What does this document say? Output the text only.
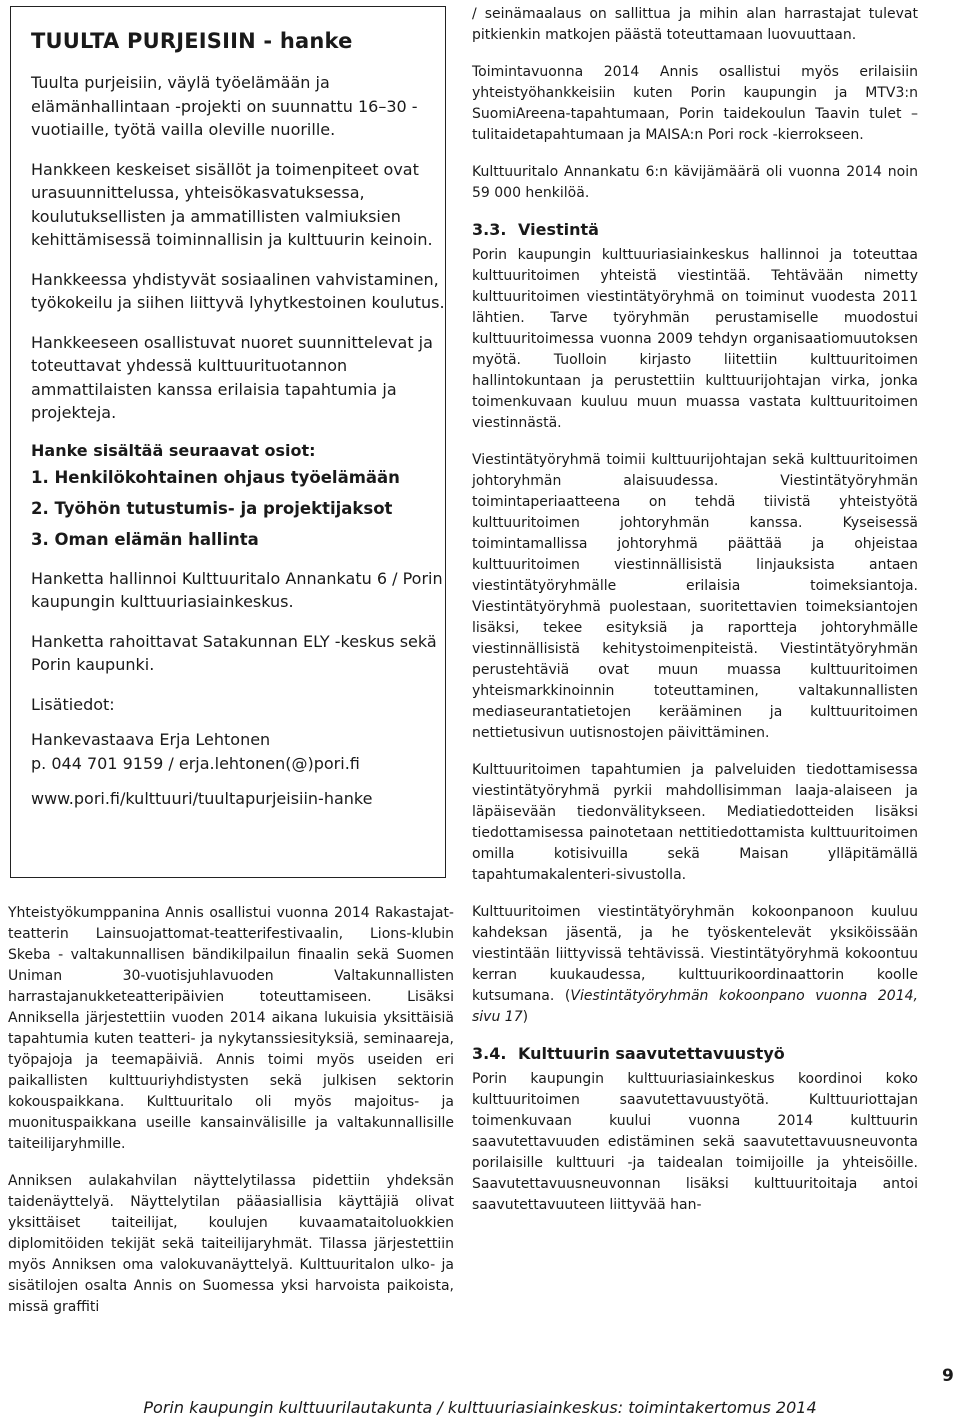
TUULTA PURJEISIIN - hanke

Tuulta purjeisiin, väylä työelämään ja elämänhallintaan -projekti on suunnattu 16–30 -vuotiaille, työtä vailla oleville nuorille.

Hankkeen keskeiset sisällöt ja toimenpiteet ovat urasuunnittelussa, yhteisökasvatuksessa, koulutuksellisten ja ammatillisten valmiuksien kehittämisessä toiminnallisin ja kulttuurin keinoin.

Hankkeessa yhdistyvät sosiaalinen vahvistaminen, työkokeilu ja siihen liittyvä lyhytkestoinen koulutus.

Hankkeeseen osallistuvat nuoret suunnittelevat ja toteuttavat yhdessä kulttuurituotannon ammattilaisten kanssa erilaisia tapahtumia ja projekteja.

Hanke sisältää seuraavat osiot:
1. Henkilökohtainen ohjaus työelämään
2. Työhön tutustumis- ja projektijaksot
3. Oman elämän hallinta

Hanketta hallinnoi Kulttuuritalo Annankatu 6 / Porin kaupungin kulttuuriasiainkeskus.

Hanketta rahoittavat Satakunnan ELY -keskus sekä Porin kaupunki.

Lisätiedot:

Hankevastaava Erja Lehtonen

p. 044 701 9159 / erja.lehtonen(@)pori.fi

www.pori.fi/kulttuuri/tuultapurjeisiin-hanke

Yhteistyökumppanina Annis osallistui vuonna 2014 Rakastajat-teatterin Lainsuojattomat-teatterifestivaalin, Lions-klubin Skeba - valtakunnallisen bändikilpailun finaalin sekä Suomen Uniman 30-vuotisjuhlavuoden Valtakunnallisten harrastajanukketeatteripäivien toteuttamiseen. Lisäksi Anniksella järjestettiin vuoden 2014 aikana lukuisia yksittäisiä tapahtumia kuten teatteri- ja nykytanssiesityksiä, seminaareja, työpajoja ja teemapäiviä. Annis toimi myös useiden eri paikallisten kulttuuriyhdistysten sekä julkisen sektorin kokouspaikkana. Kulttuuritalo oli myös majoitus- ja muonituspaikkana useille kansainvälisille ja valtakunnallisille taiteilijaryhmille.

Anniksen aulakahvilan näyttelytilassa pidettiin yhdeksän taidenäyttelyä. Näyttelytilan pääasiallisia käyttäjiä olivat yksittäiset taiteilijat, koulujen kuvaamataitoluokkien diplomitöiden tekijät sekä taiteilijaryhmät. Tilassa järjestettiin myös Anniksen oma valokuvanäyttelyä. Kulttuuritalon ulko- ja sisätilojen osalta Annis on Suomessa yksi harvoista paikoista, missä graffiti

/ seinämaalaus on sallittua ja mihin alan harrastajat tulevat pitkienkin matkojen päästä toteuttamaan luovuuttaan.

Toimintavuonna 2014 Annis osallistui myös erilaisiin yhteistyöhankkeisiin kuten Porin kaupungin ja MTV3:n SuomiAreena-tapahtumaan, Porin taidekoulun Taavin tulet –tulitaidetapahtumaan ja MAISA:n Pori rock -kierrokseen.

Kulttuuritalo Annankatu 6:n kävijämäärä oli vuonna 2014 noin 59 000 henkilöä.

3.3. Viestintä

Porin kaupungin kulttuuriasiainkeskus hallinnoi ja toteuttaa kulttuuritoimen yhteistä viestintää. Tehtävään nimetty kulttuuritoimen viestintätyöryhmä on toiminut vuodesta 2011 lähtien. Tarve työryhmän perustamiselle muodostui kulttuuritoimessa vuonna 2009 tehdyn organisaatiomuutoksen myötä. Tuolloin kirjasto liitettiin kulttuuritoimen hallintokuntaan ja perustettiin kulttuurijohtajan virka, jonka toimenkuvaan kuuluu muun muassa vastata kulttuuritoimen viestinnästä.

Viestintätyöryhmä toimii kulttuurijohtajan sekä kulttuuritoimen johtoryhmän alaisuudessa. Viestintätyöryhmän toimintaperiaatteena on tehdä tiivistä yhteistyötä kulttuuritoimen johtoryhmän kanssa. Kyseisessä toimintamallissa johtoryhmä päättää ja ohjeistaa kulttuuritoimen viestinnällisistä linjauksista antaen viestintätyöryhmälle erilaisia toimeksiantoja. Viestintätyöryhmä puolestaan, suoritettavien toimeksiantojen lisäksi, tekee esityksiä ja raportteja johtoryhmälle viestinnällisistä kehitystoimenpiteistä. Viestintätyöryhmän perustehtäviä ovat muun muassa kulttuuritoimen yhteismarkkinoinnin toteuttaminen, valtakunnallisten mediaseurantatietojen kerääminen ja kulttuuritoimen nettietusivun uutisnostojen päivittäminen.

Kulttuuritoimen tapahtumien ja palveluiden tiedottamisessa viestintätyöryhmä pyrkii mahdollisimman laaja-alaiseen ja läpäisevään tiedonvälitykseen. Mediatiedotteiden lisäksi tiedottamisessa painotetaan nettitiedottamista kulttuuritoimen omilla kotisivuilla sekä Maisan ylläpitämällä tapahtumakalenteri-sivustolla.

Kulttuuritoimen viestintätyöryhmän kokoonpanoon kuuluu kahdeksan jäsentä, ja he työskentelevät yksiköissään viestintään liittyvissä tehtävissä. Viestintätyöryhmä kokoontuu kerran kuukaudessa, kulttuurikoordinaattorin koolle kutsumana. (Viestintätyöryhmän kokoonpano vuonna 2014, sivu 17)

3.4. Kulttuurin saavutettavuustyö

Porin kaupungin kulttuuriasiainkeskus koordinoi koko kulttuuritoimen saavutettavuustyötä. Kulttuuriottajan toimenkuvaan kuului vuonna 2014 kulttuurin saavutettavuuden edistäminen sekä saavutettavuusneuvonta porilaisille kulttuuri -ja taidealan toimijoille ja yhteisöille. Saavutettavuusneuvonnan lisäksi kulttuuritoitaja antoi saavutettavuuteen liittyvää han-

9
Porin kaupungin kulttuurilautakunta / kulttuuriasiainkeskus: toimintakertomus 2014
